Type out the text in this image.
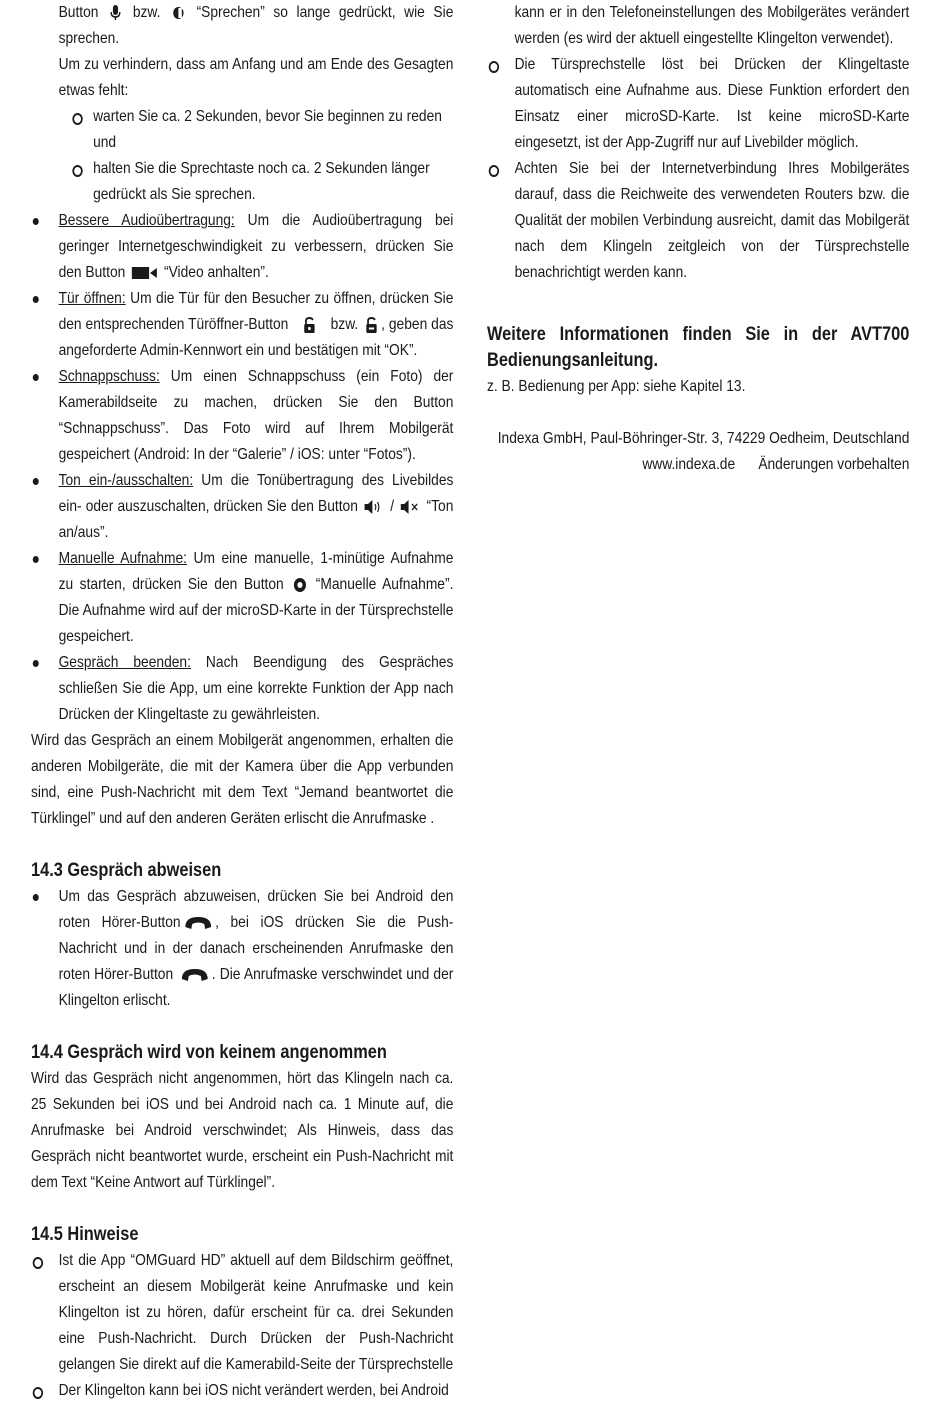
Button bzw. “Sprechen” so lange gedrückt, wie Sie sprechen.

Um zu verhindern, dass am Anfang und am Ende des Gesagten etwas fehlt:

warten Sie ca. 2 Sekunden, bevor Sie beginnen zu reden und
halten Sie die Sprechtaste noch ca. 2 Sekunden länger gedrückt als Sie sprechen.
Bessere Audioübertragung: Um die Audioübertragung bei geringer Internetgeschwindigkeit zu verbessern, drücken Sie den Button “Video anhalten”.
Tür öffnen: Um die Tür für den Besucher zu öffnen, drücken Sie den entsprechenden Türöffner-Button	bzw. , geben das angeforderte Admin-Kennwort ein und bestätigen mit “OK”.
Schnappschuss: Um einen Schnappschuss (ein Foto) der Kamerabildseite zu machen, drücken Sie den Button “Schnappschuss”. Das Foto wird auf Ihrem Mobilgerät gespeichert (Android: In der “Galerie” / iOS: unter “Fotos”).
Ton ein-/ausschalten: Um die Tonübertragung des Livebildes ein- oder auszuschalten, drücken Sie den Button / “Ton an/aus”.
Manuelle Aufnahme: Um eine manuelle, 1-minütige Aufnahme zu starten, drücken Sie den Button “Manuelle Aufnahme”. Die Aufnahme wird auf der microSD-Karte in der Türsprechstelle gespeichert.
Gespräch beenden: Nach Beendigung des Gespräches schließen Sie die App, um eine korrekte Funktion der App nach Drücken der Klingeltaste zu gewährleisten.

Wird das Gespräch an einem Mobilgerät angenommen, erhalten die anderen Mobilgeräte, die mit der Kamera über die App verbunden sind, eine Push-Nachricht mit dem Text “Jemand beantwortet die Türklingel” und auf den anderen Geräten erlischt die Anrufmaske .

14.3 Gespräch abweisen
Um das Gespräch abzuweisen, drücken Sie bei Android den roten Hörer-Button , bei iOS drücken Sie die Push-Nachricht und in der danach erscheinenden Anrufmaske den roten Hörer-Button . Die Anrufmaske verschwindet und der Klingelton erlischt.
14.4 Gespräch wird von keinem angenommen

Wird das Gespräch nicht angenommen, hört das Klingeln nach ca. 25 Sekunden bei iOS und bei Android nach ca. 1 Minute auf, die Anrufmaske bei Android verschwindet; Als Hinweis, dass das Gespräch nicht beantwortet wurde, erscheint ein Push-Nachricht mit dem Text “Keine Antwort auf Türklingel”.

14.5 Hinweise
Ist die App “OMGuard HD” aktuell auf dem Bildschirm geöffnet, erscheint an diesem Mobilgerät keine Anrufmaske und kein Klingelton ist zu hören, dafür erscheint für ca. drei Sekunden eine Push-Nachricht. Durch Drücken der Push-Nachricht gelangen Sie direkt auf die Kamerabild-Seite der Türsprechstelle
Der Klingelton kann bei iOS nicht verändert werden, bei Android

kann er in den Telefoneinstellungen des Mobilgerätes verändert werden (es wird der aktuell eingestellte Klingelton verwendet).

Die Türsprechstelle löst bei Drücken der Klingeltaste automatisch eine Aufnahme aus. Diese Funktion erfordert den Einsatz einer microSD-Karte. Ist keine microSD-Karte eingesetzt, ist der App-Zugriff nur auf Livebilder möglich.
Achten Sie bei der Internetverbindung Ihres Mobilgerätes darauf, dass die Reichweite des verwendeten Routers bzw. die Qualität der mobilen Verbindung ausreicht, damit das Mobilgerät nach dem Klingeln zeitgleich von der Türsprechstelle benachrichtigt werden kann.

Weitere Informationen finden Sie in der AVT700 Bedienungsanleitung.

z. B. Bedienung per App: siehe Kapitel 13.

Indexa GmbH, Paul-Böhringer-Str. 3, 74229 Oedheim, Deutschland

www.indexa.de Änderungen vorbehalten
